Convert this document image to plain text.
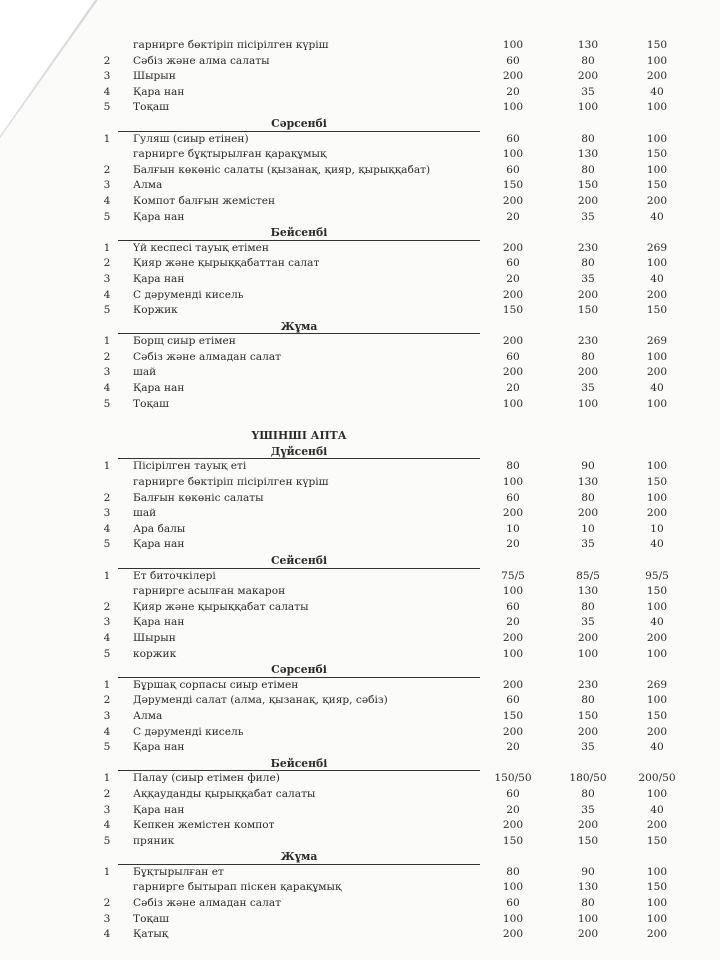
гарнирге бөктіріп пісірілген күріш	100	130	150
2	Сәбіз және алма салаты	60	80	100
3	Шырын	200	200	200
4	Қара нан	20	35	40
5	Тоқаш	100	100	100
Сәрсенбі
1	Гуляш (сиыр етінен)	60	80	100
гарнирге бұқтырылған қарақұмық	100	130	150
2	Балғын көкөніс салаты (қызанақ, қияр, қырыққабат)	60	80	100
3	Алма	150	150	150
4	Компот балғын жемістен	200	200	200
5	Қара нан	20	35	40
Бейсенбі
1	Үй кеспесі тауық етімен	200	230	269
2	Қияр және қырыққабаттан салат	60	80	100
3	Қара нан	20	35	40
4	С дәруменді кисель	200	200	200
5	Коржик	150	150	150
Жұма
1	Борщ сиыр етімен	200	230	269
2	Сәбіз және алмадан салат	60	80	100
3	шай	200	200	200
4	Қара нан	20	35	40
5	Тоқаш	100	100	100
ҮШІНШІ АПТА
Дүйсенбі
1	Пісірілген тауық еті	80	90	100
гарнирге бөктіріп пісірілген күріш	100	130	150
2	Балғын көкөніс салаты	60	80	100
3	шай	200	200	200
4	Ара балы	10	10	10
5	Қара нан	20	35	40
Сейсенбі
1	Ет биточкілері	75/5	85/5	95/5
гарнирге асылған макарон	100	130	150
2	Қияр және қырыққабат салаты	60	80	100
3	Қара нан	20	35	40
4	Шырын	200	200	200
5	коржик	100	100	100
Сәрсенбі
1	Бұршақ сорпасы сиыр етімен	200	230	269
2	Дәруменді салат (алма, қызанақ, қияр, сәбіз)	60	80	100
3	Алма	150	150	150
4	С дәруменді кисель	200	200	200
5	Қара нан	20	35	40
Бейсенбі
1	Палау (сиыр етімен филе)	150/50	180/50	200/50
2	Аққауданды қырыққабат салаты	60	80	100
3	Қара нан	20	35	40
4	Кепкен жемістен компот	200	200	200
5	пряник	150	150	150
Жұма
1	Бұқтырылған ет	80	90	100
гарнирге бытырап піскен қарақұмық	100	130	150
2	Сәбіз және алмадан салат	60	80	100
3	Тоқаш	100	100	100
4	Қатық	200	200	200
